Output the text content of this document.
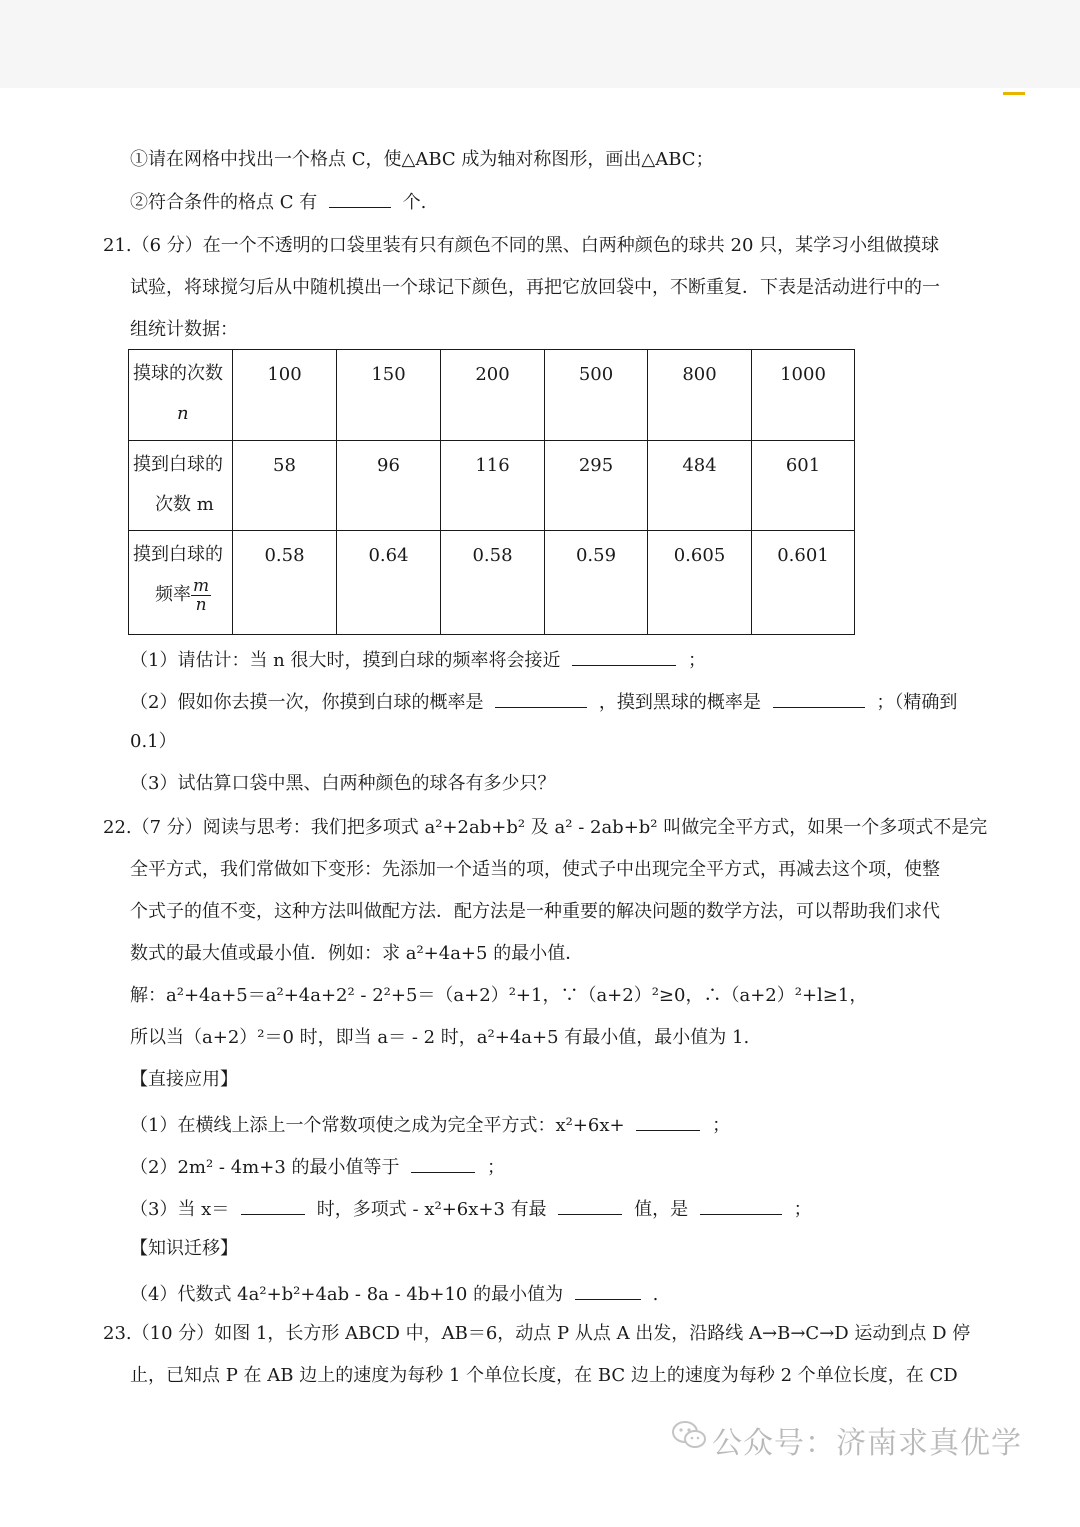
①请在网格中找出一个格点 C，使△ABC 成为轴对称图形，画出△ABC；
②符合条件的格点 C 有	个.
21.（6 分）在一个不透明的口袋里装有只有颜色不同的黑、白两种颜色的球共 20 只，某学习小组做摸球
试验，将球搅匀后从中随机摸出一个球记下颜色，再把它放回袋中，不断重复．下表是活动进行中的一
组统计数据：
摸球的次数
n	100	150	200	500	800	1000

摸到白球的
次数 m	58	96	116	295	484	601

摸到白球的
频率 $\frac{m}{n}$	0.58	0.64	0.58	0.59	0.605	0.601
（1）请估计：当 n 很大时，摸到白球的频率将会接近	；
（2）假如你去摸一次，你摸到白球的概率是	，摸到黑球的概率是	；（精确到
0.1）
（3）试估算口袋中黑、白两种颜色的球各有多少只？
22.（7 分）阅读与思考：我们把多项式 a²+2ab+b² 及 a² - 2ab+b² 叫做完全平方式，如果一个多项式不是完
全平方式，我们常做如下变形：先添加一个适当的项，使式子中出现完全平方式，再减去这个项，使整
个式子的值不变，这种方法叫做配方法．配方法是一种重要的解决问题的数学方法，可以帮助我们求代
数式的最大值或最小值．例如：求 a²+4a+5 的最小值．
解：a²+4a+5＝a²+4a+2² - 2²+5＝（a+2）²+1，∵（a+2）²≥0，∴（a+2）²+l≥1，
所以当（a+2）²＝0 时，即当 a＝ - 2 时，a²+4a+5 有最小值，最小值为 1.
【直接应用】
（1）在横线上添上一个常数项使之成为完全平方式：x²+6x+	；
（2）2m² - 4m+3 的最小值等于	；
（3）当 x＝	时，多项式 - x²+6x+3 有最	值，是	；
【知识迁移】
（4）代数式 4a²+b²+4ab - 8a - 4b+10 的最小值为	.
23.（10 分）如图 1，长方形 ABCD 中，AB＝6，动点 P 从点 A 出发，沿路线 A→B→C→D 运动到点 D 停
止，已知点 P 在 AB 边上的速度为每秒 1 个单位长度，在 BC 边上的速度为每秒 2 个单位长度，在 CD
公众号：济南求真优学
